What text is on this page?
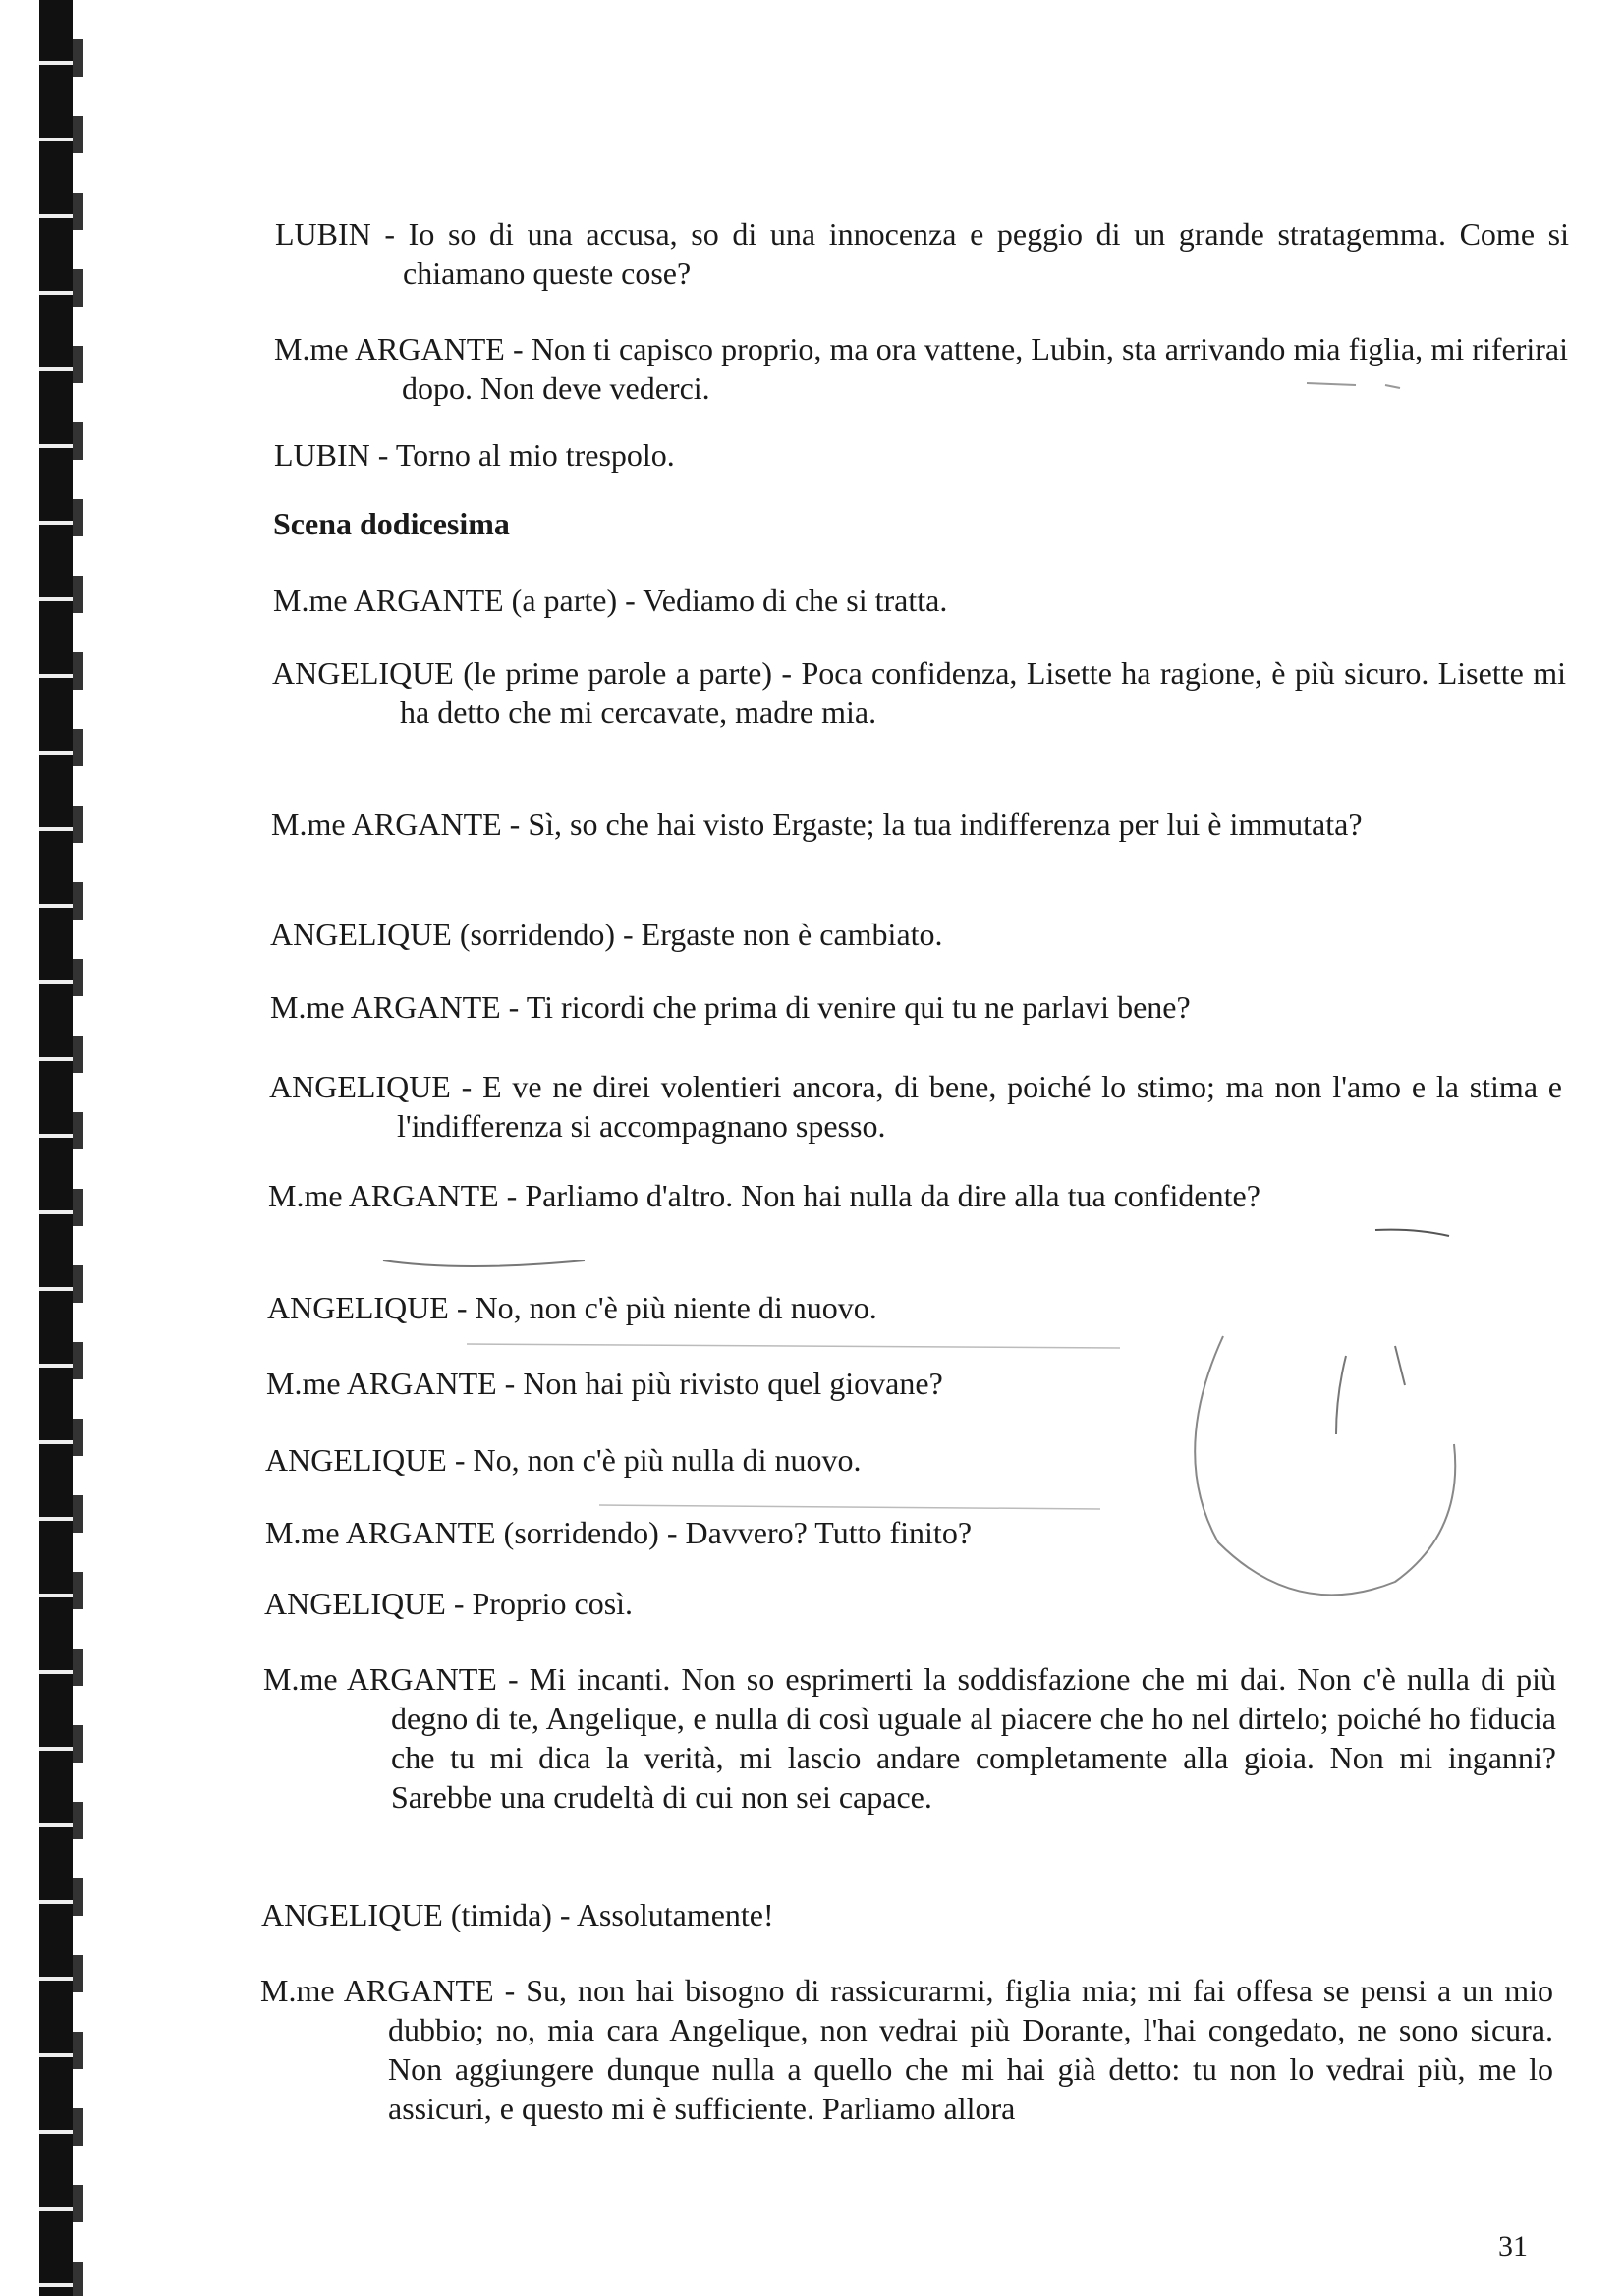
LUBIN - Io so di una accusa, so di una innocenza e peggio di un grande stratagemma. Come si chiamano queste cose?
M.me ARGANTE - Non ti capisco proprio, ma ora vattene, Lubin, sta arrivando mia figlia, mi riferirai dopo. Non deve vederci.
LUBIN - Torno al mio trespolo.
Scena dodicesima
M.me ARGANTE (a parte) - Vediamo di che si tratta.
ANGELIQUE (le prime parole a parte) - Poca confidenza, Lisette ha ragione, è più sicuro. Lisette mi ha detto che mi cercavate, madre mia.
M.me ARGANTE - Sì, so che hai visto Ergaste; la tua indifferenza per lui è immutata?
ANGELIQUE (sorridendo) - Ergaste non è cambiato.
M.me ARGANTE - Ti ricordi che prima di venire qui tu ne parlavi bene?
ANGELIQUE - E ve ne direi volentieri ancora, di bene, poiché lo stimo; ma non l'amo e la stima e l'indifferenza si accompagnano spesso.
M.me ARGANTE - Parliamo d'altro. Non hai nulla da dire alla tua confidente?
ANGELIQUE - No, non c'è più niente di nuovo.
M.me ARGANTE - Non hai più rivisto quel giovane?
ANGELIQUE - No, non c'è più nulla di nuovo.
M.me ARGANTE (sorridendo) - Davvero? Tutto finito?
ANGELIQUE - Proprio così.
M.me ARGANTE - Mi incanti. Non so esprimerti la soddisfazione che mi dai. Non c'è nulla di più degno di te, Angelique, e nulla di così uguale al piacere che ho nel dirtelo; poiché ho fiducia che tu mi dica la verità, mi lascio andare completamente alla gioia. Non mi inganni? Sarebbe una crudeltà di cui non sei capace.
ANGELIQUE (timida) - Assolutamente!
M.me ARGANTE - Su, non hai bisogno di rassicurarmi, figlia mia; mi fai offesa se pensi a un mio dubbio; no, mia cara Angelique, non vedrai più Dorante, l'hai congedato, ne sono sicura. Non aggiungere dunque nulla a quello che mi hai già detto: tu non lo vedrai più, me lo assicuri, e questo mi è sufficiente. Parliamo allora
31
